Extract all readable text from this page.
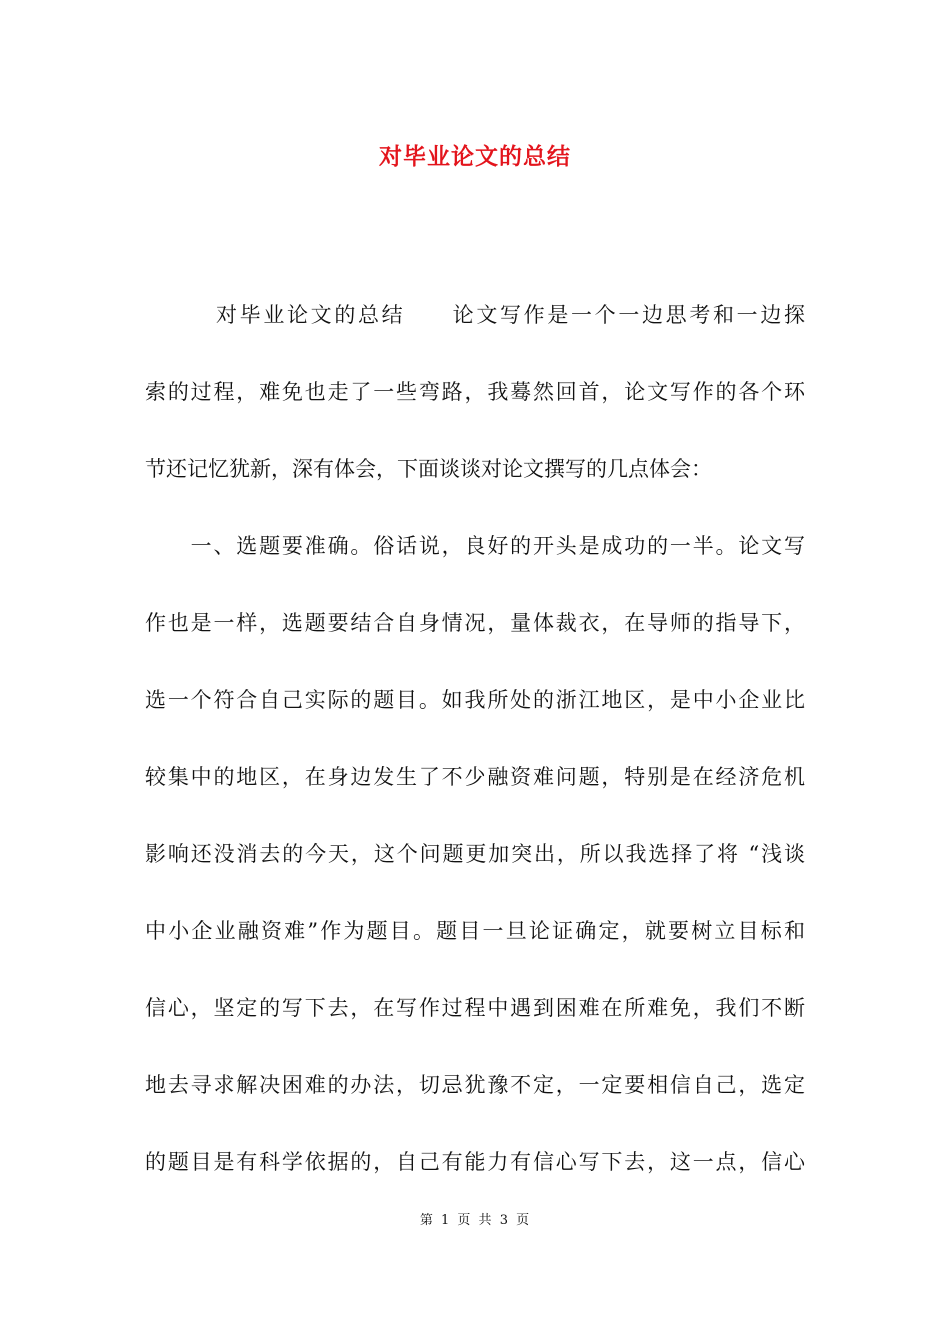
对毕业论文的总结
　　　对毕业论文的总结　　论文写作是一个一边思考和一边探
索的过程，难免也走了一些弯路，我蓦然回首，论文写作的各个环
节还记忆犹新，深有体会，下面谈谈对论文撰写的几点体会：
　　一、选题要准确。俗话说，良好的开头是成功的一半。论文写
作也是一样，选题要结合自身情况，量体裁衣，在导师的指导下，
选一个符合自己实际的题目。如我所处的浙江地区，是中小企业比
较集中的地区，在身边发生了不少融资难问题，特别是在经济危机
影响还没消去的今天，这个问题更加突出，所以我选择了将 “浅谈
中小企业融资难”作为题目。题目一旦论证确定，就要树立目标和
信心，坚定的写下去，在写作过程中遇到困难在所难免，我们不断
地去寻求解决困难的办法，切忌犹豫不定，一定要相信自己，选定
的题目是有科学依据的，自己有能力有信心写下去，这一点，信心
第 1 页 共 3 页
